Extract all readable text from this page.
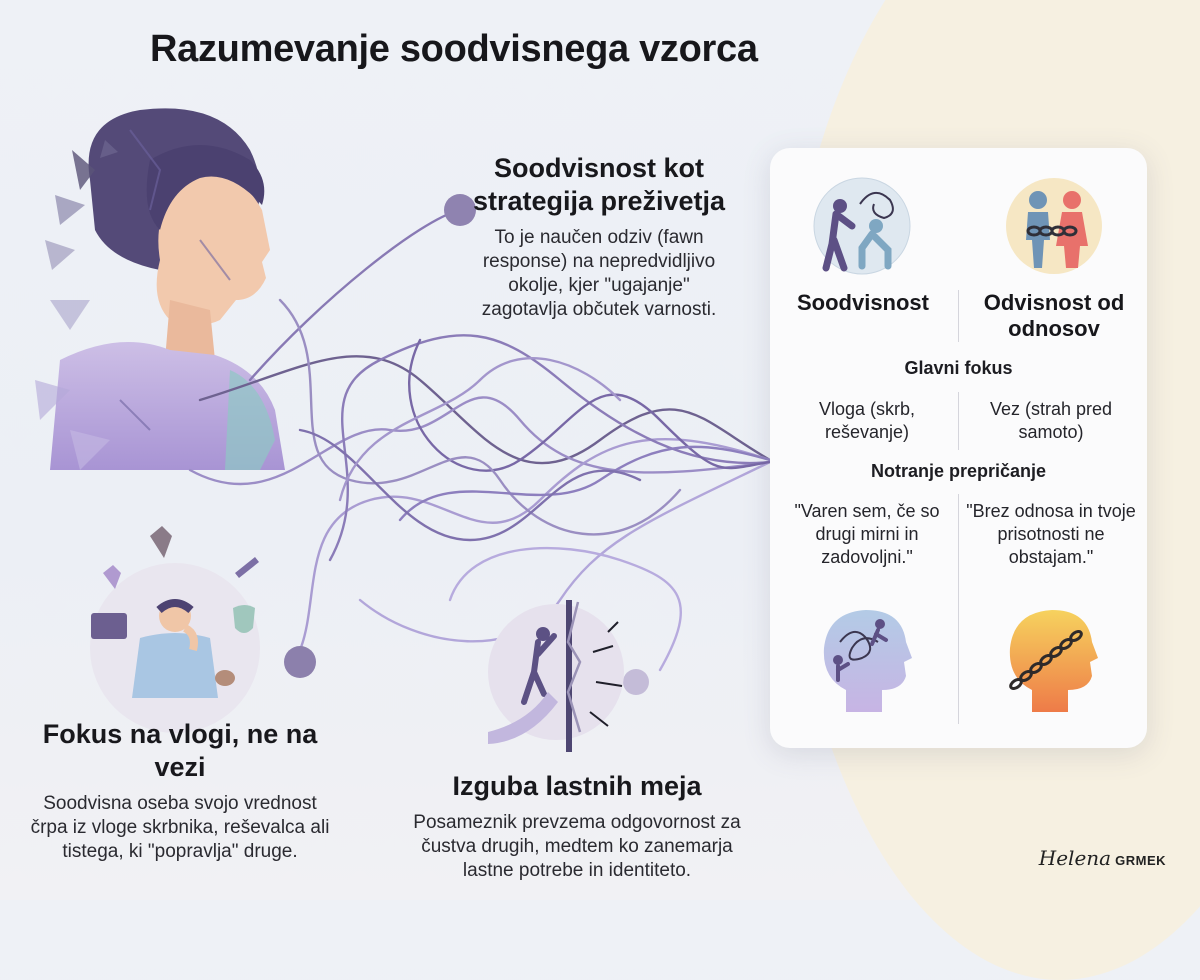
Razumevanje soodvisnega vzorca
Soodvisnost kot strategija preživetja

To je naučen odziv (fawn response) na nepredvidljivo okolje, kjer "ugajanje" zagotavlja občutek varnosti.

Fokus na vlogi, ne na vezi

Soodvisna oseba svojo vrednost črpa iz vloge skrbnika, reševalca ali tistega, ki "popravlja" druge.

Izguba lastnih meja

Posameznik prevzema odgovornost za čustva drugih, medtem ko zanemarja lastne potrebe in identiteto.

Soodvisnost	Odvisnost od odnosov
Glavni fokus
Vloga (skrb, reševanje)
Vez (strah pred samoto)
Notranje prepričanje
"Varen sem, če so drugi mirni in zadovoljni."
"Brez odnosa in tvoje prisotnosti ne obstajam."
Helena GRMEK
